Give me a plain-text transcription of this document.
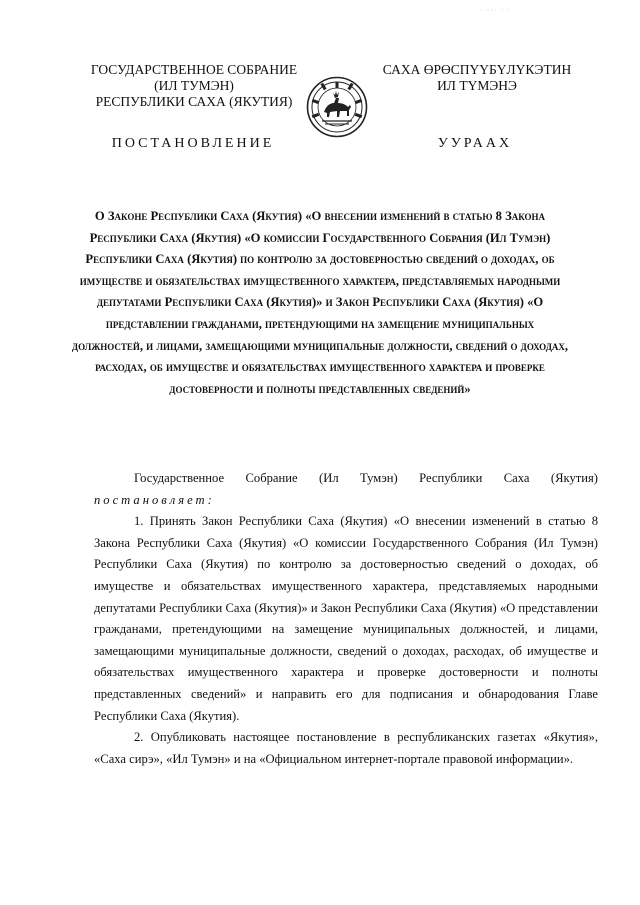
· ··· · ·
ГОСУДАРСТВЕННОЕ СОБРАНИЕ
(ИЛ ТУМЭН)
РЕСПУБЛИКИ САХА (ЯКУТИЯ)
САХА ӨРӨСПҮҮБҮЛҮКЭТИН
ИЛ ТҮМЭНЭ
ПОСТАНОВЛЕНИЕ	УУРААХ
О Законе Республики Саха (Якутия) «О внесении изменений в статью 8 Закона Республики Саха (Якутия) «О комиссии Государственного Собрания (Ил Тумэн) Республики Саха (Якутия) по контролю за достоверностью сведений о доходах, об имуществе и обязательствах имущественного характера, представляемых народными депутатами Республики Саха (Якутия)» и Закон Республики Саха (Якутия) «О представлении гражданами, претендующими на замещение муниципальных должностей, и лицами, замещающими муниципальные должности, сведений о доходах, расходах, об имуществе и обязательствах имущественного характера и проверке достоверности и полноты представленных сведений»

Государственное Собрание (Ил Тумэн) Республики Саха (Якутия)

постановляет:

1. Принять Закон Республики Саха (Якутия) «О внесении изменений в статью 8 Закона Республики Саха (Якутия) «О комиссии Государственного Собрания (Ил Тумэн) Республики Саха (Якутия) по контролю за достоверностью сведений о доходах, об имуществе и обязательствах имущественного характера, представляемых народными депутатами Республики Саха (Якутия)» и Закон Республики Саха (Якутия) «О представлении гражданами, претендующими на замещение муниципальных должностей, и лицами, замещающими муниципальные должности, сведений о доходах, расходах, об имуществе и обязательствах имущественного характера и проверке достоверности и полноты представленных сведений» и направить его для подписания и обнародования Главе Республики Саха (Якутия).

2. Опубликовать настоящее постановление в республиканских газетах «Якутия», «Саха сирэ», «Ил Тумэн» и на «Официальном интернет-портале правовой информации».
